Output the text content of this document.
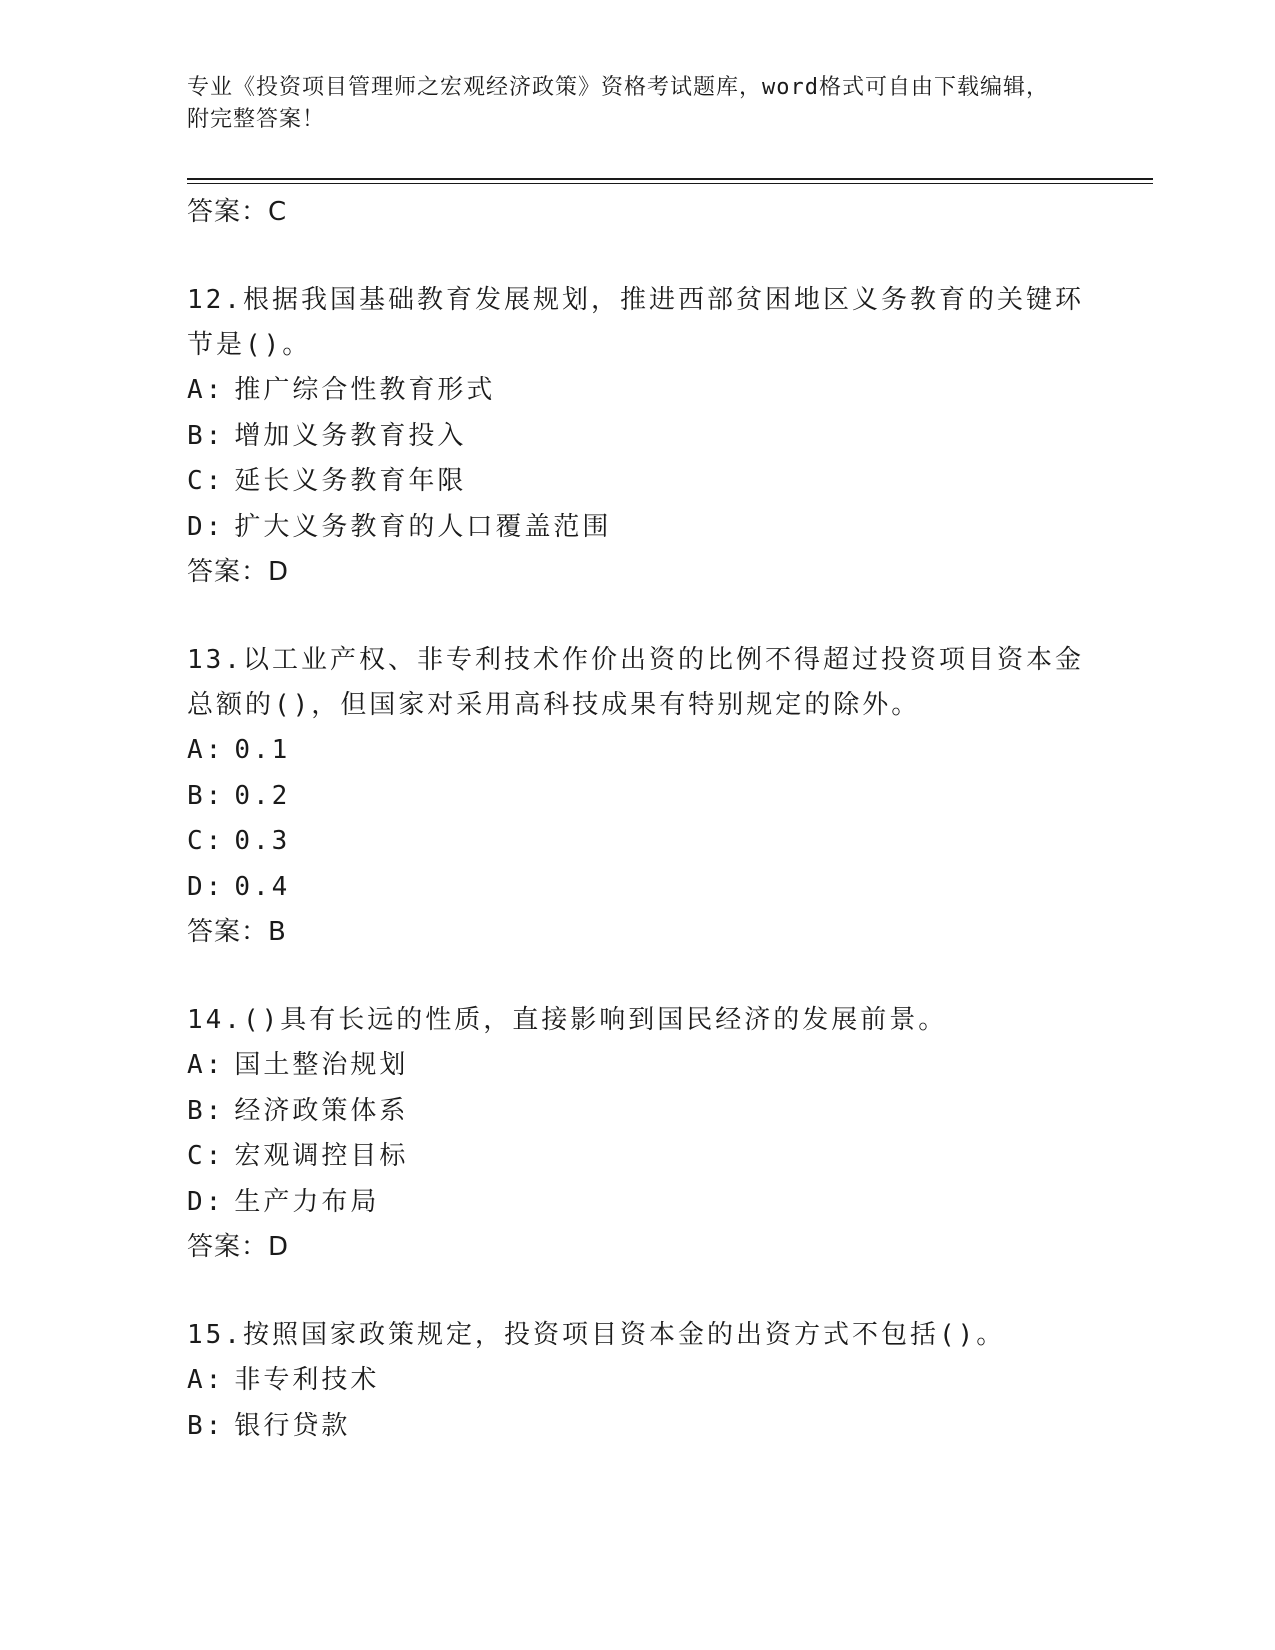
专业《投资项目管理师之宏观经济政策》资格考试题库，word格式可自由下载编辑，附完整答案！

答案：C

12.根据我国基础教育发展规划，推进西部贫困地区义务教育的关键环节是()。

A: 推广综合性教育形式

B: 增加义务教育投入

C: 延长义务教育年限

D: 扩大义务教育的人口覆盖范围

答案：D

13.以工业产权、非专利技术作价出资的比例不得超过投资项目资本金总额的()，但国家对采用高科技成果有特别规定的除外。

A: 0.1

B: 0.2

C: 0.3

D: 0.4

答案：B

14.()具有长远的性质，直接影响到国民经济的发展前景。

A: 国土整治规划

B: 经济政策体系

C: 宏观调控目标

D: 生产力布局

答案：D

15.按照国家政策规定，投资项目资本金的出资方式不包括()。

A: 非专利技术

B: 银行贷款
